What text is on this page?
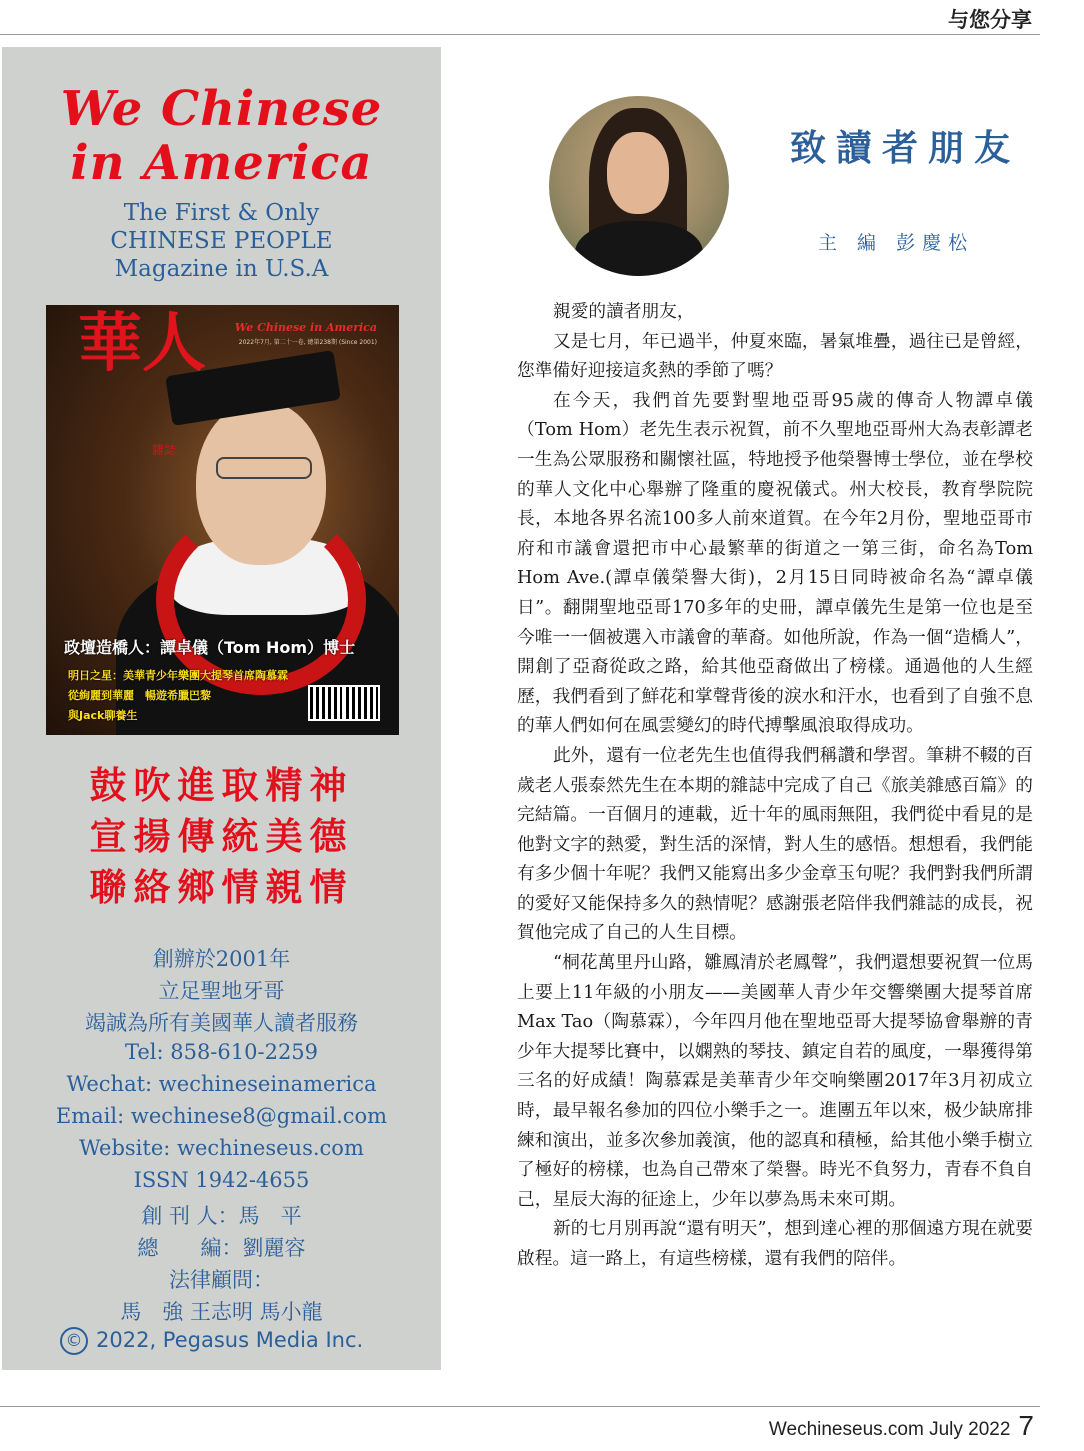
与您分享
We Chinese
in America
The First & Only
CHINESE PEOPLE
Magazine in U.S.A
華人
雜誌
We Chinese in America
2022年7月, 第二十一卷, 總第238期 (Since 2001)
政壇造橋人：譚卓儀（Tom Hom）博士
明日之星：美華青少年樂團大提琴首席陶慕霖
從絢麗到華麗　暢遊希臘巴黎
與Jack聊養生
鼓吹進取精神
宣揚傳統美德
聯絡鄉情親情
創辦於2001年
立足聖地牙哥
竭誠為所有美國華人讀者服務
Tel: 858-610-2259
Wechat: wechineseinamerica
Email: wechinese8@gmail.com
Website: wechineseus.com
ISSN 1942-4655
創 刊 人：馬　平
總　　編：劉麗容
法律顧問：
馬　強 王志明 馬小龍
© 2022, Pegasus Media Inc.
致讀者朋友
主 編 彭慶松

親愛的讀者朋友，

又是七月，年已過半，仲夏來臨，暑氣堆疊，過往已是曾經，您準備好迎接這炙熱的季節了嗎？

在今天，我們首先要對聖地亞哥95歲的傳奇人物譚卓儀（Tom Hom）老先生表示祝賀，前不久聖地亞哥州大為表彰譚老一生為公眾服務和關懷社區，特地授予他榮譽博士學位，並在學校的華人文化中心舉辦了隆重的慶祝儀式。州大校長，教育學院院長，本地各界名流100多人前來道賀。在今年2月份，聖地亞哥市府和市議會還把市中心最繁華的街道之一第三街，命名為Tom Hom Ave.(譚卓儀榮譽大街)，2月15日同時被命名為“譚卓儀日”。翻開聖地亞哥170多年的史冊，譚卓儀先生是第一位也是至今唯一一個被選入市議會的華裔。如他所說，作為一個“造橋人”，開創了亞裔從政之路，給其他亞裔做出了榜樣。通過他的人生經歷，我們看到了鮮花和掌聲背後的淚水和汗水，也看到了自強不息的華人們如何在風雲變幻的時代搏擊風浪取得成功。

此外，還有一位老先生也值得我們稱讚和學習。筆耕不輟的百歲老人張泰然先生在本期的雜誌中完成了自己《旅美雜感百篇》的完結篇。一百個月的連載，近十年的風雨無阻，我們從中看見的是他對文字的熱愛，對生活的深情，對人生的感悟。想想看，我們能有多少個十年呢？我們又能寫出多少金章玉句呢？我們對我們所謂的愛好又能保持多久的熱情呢？感謝張老陪伴我們雜誌的成長，祝賀他完成了自己的人生目標。

“桐花萬里丹山路，雛鳳清於老鳳聲”，我們還想要祝賀一位馬上要上11年級的小朋友——美國華人青少年交響樂團大提琴首席Max Tao（陶慕霖），今年四月他在聖地亞哥大提琴協會舉辦的青少年大提琴比賽中，以嫻熟的琴技、鎮定自若的風度，一舉獲得第三名的好成績！陶慕霖是美華青少年交响樂團2017年3月初成立時，最早報名參加的四位小樂手之一。進團五年以來，极少缺席排練和演出，並多次參加義演，他的認真和積極，給其他小樂手樹立了極好的榜樣，也為自己帶來了榮譽。時光不負努力，青春不負自己，星辰大海的征途上，少年以夢為馬未來可期。

新的七月別再說“還有明天”，想到達心裡的那個遠方現在就要啟程。這一路上，有這些榜樣，還有我們的陪伴。

Wechineseus.com July 2022 7
